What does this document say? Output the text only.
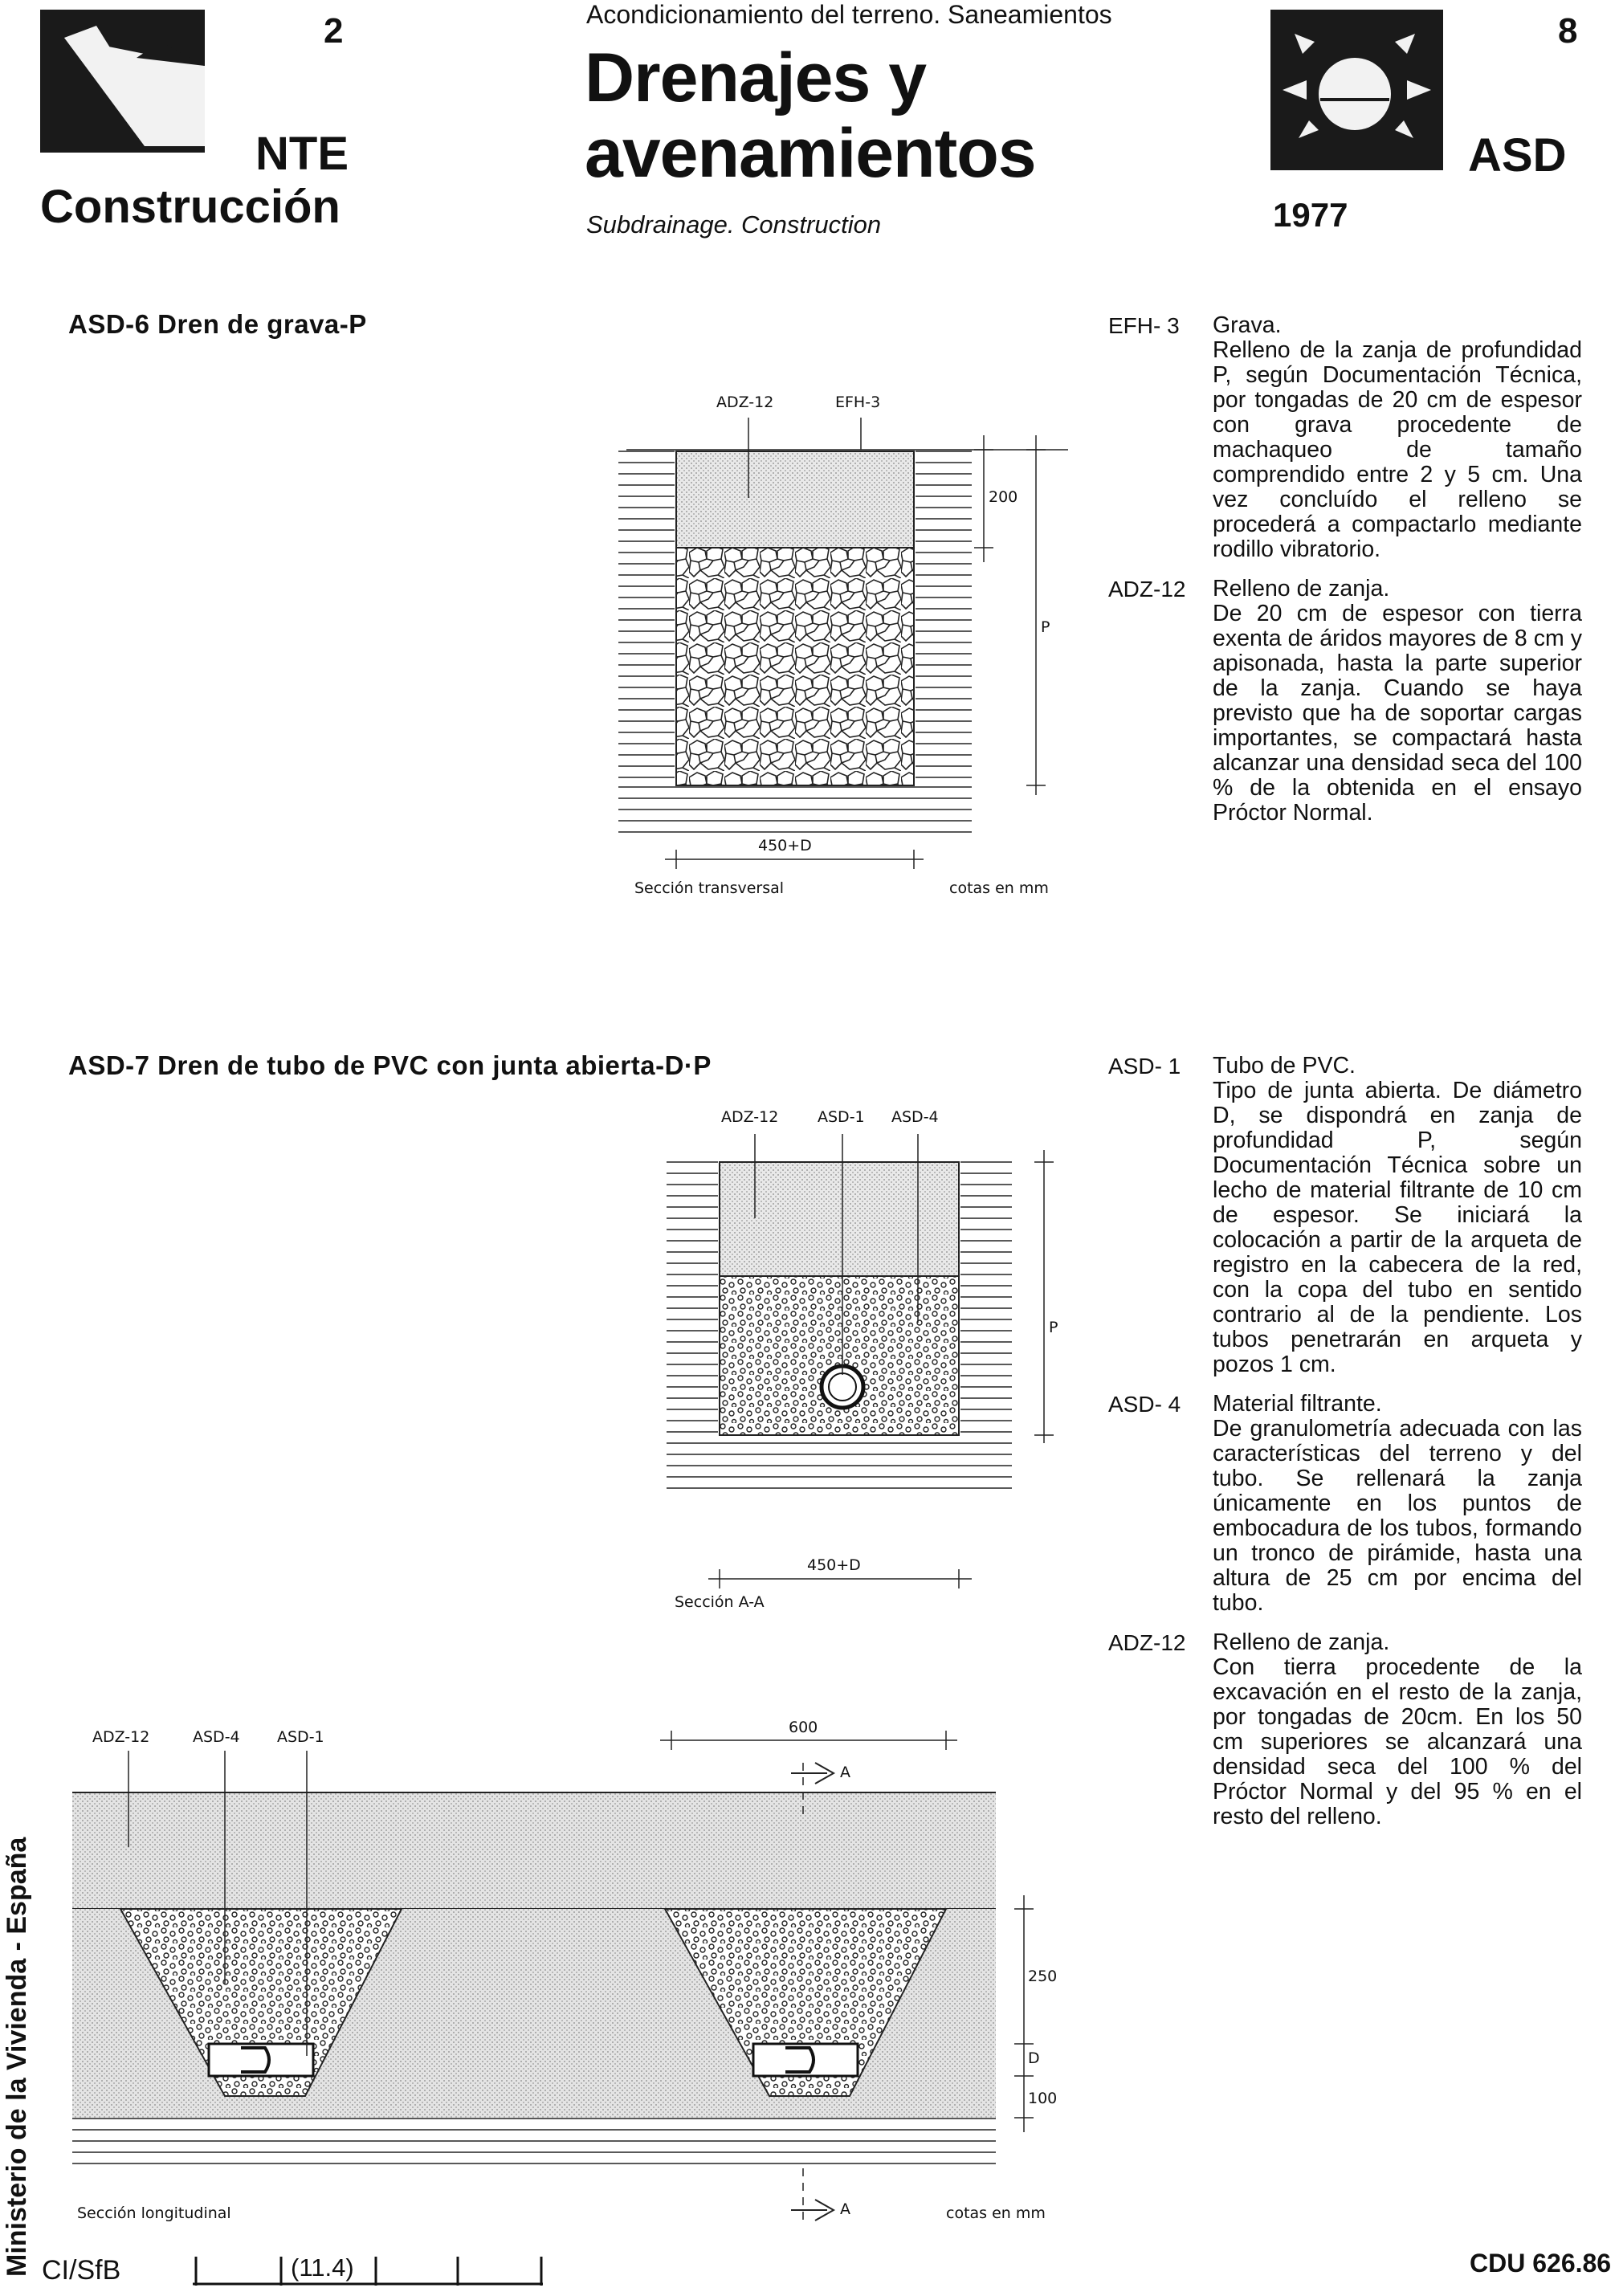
2
NTE
Construcción
Acondicionamiento del terreno. Saneamientos
Drenajes y
avenamientos
Subdrainage. Construction
8
ASD
1977
ASD-6 Dren de grava-P
ADZ-12	EFH-3
200
P
450+D
Sección transversal	cotas en mm
EFH- 3	Grava.
Relleno de la zanja de profundidad P, según Documentación Técnica, por tongadas de 20 cm de espesor con grava procedente de machaqueo de tamaño comprendido entre 2 y 5 cm. Una vez concluído el relleno se procederá a compactarlo mediante rodillo vibratorio.
ADZ-12	Relleno de zanja.
De 20 cm de espesor con tierra exenta de áridos mayores de 8 cm y apisonada, hasta la parte superior de la zanja. Cuando se haya previsto que ha de soportar cargas importantes, se compactará hasta alcanzar una densidad seca del 100 % de la obtenida en el ensayo Próctor Normal.
ASD-7 Dren de tubo de PVC con junta abierta-D·P
ADZ-12	ASD-1 ASD-4
P
450+D
Sección A-A
ADZ-12	ASD-4 ASD-1
600
A
A
250
D
100
Sección longitudinal	cotas en mm
ASD- 1	Tubo de PVC.
Tipo de junta abierta. De diámetro D, se dispondrá en zanja de profundidad P, según Documentación Técnica sobre un lecho de material filtrante de 10 cm de espesor. Se iniciará la colocación a partir de la arqueta de registro en la cabecera de la red, con la copa del tubo en sentido contrario al de la pendiente. Los tubos penetrarán en arqueta y pozos 1 cm.
ASD- 4	Material filtrante.
De granulometría adecuada con las características del terreno y del tubo. Se rellenará la zanja únicamente en los puntos de embocadura de los tubos, formando un tronco de pirámide, hasta una altura de 25 cm por encima del tubo.
ADZ-12	Relleno de zanja.
Con tierra procedente de la excavación en el resto de la zanja, por tongadas de 20cm. En los 50 cm superiores se alcanzará una densidad seca del 100 % del Próctor Normal y del 95 % en el resto del relleno.
Ministerio de la Vivienda - España CI/SfB	(11.4)	CDU 626.86
